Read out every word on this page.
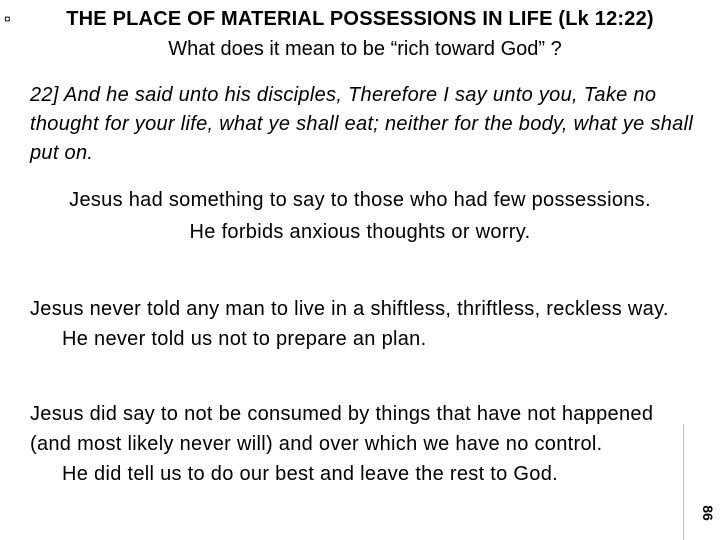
¤	THE PLACE OF MATERIAL POSSESSIONS IN LIFE (Lk 12:22)
What does it mean to be “rich toward God” ?
22] And he said unto his disciples, Therefore I say unto you, Take no thought for your life, what ye shall eat; neither for the body, what ye shall put on.
Jesus had something to say to those who had few possessions.
He forbids anxious thoughts or worry.
Jesus never told any man to live in a shiftless, thriftless, reckless way.
He never told us not to prepare an plan.
Jesus did say to not be consumed by things that have not happened (and most likely never will) and over which we have no control.
He did tell us to do our best and leave the rest to God.
86
